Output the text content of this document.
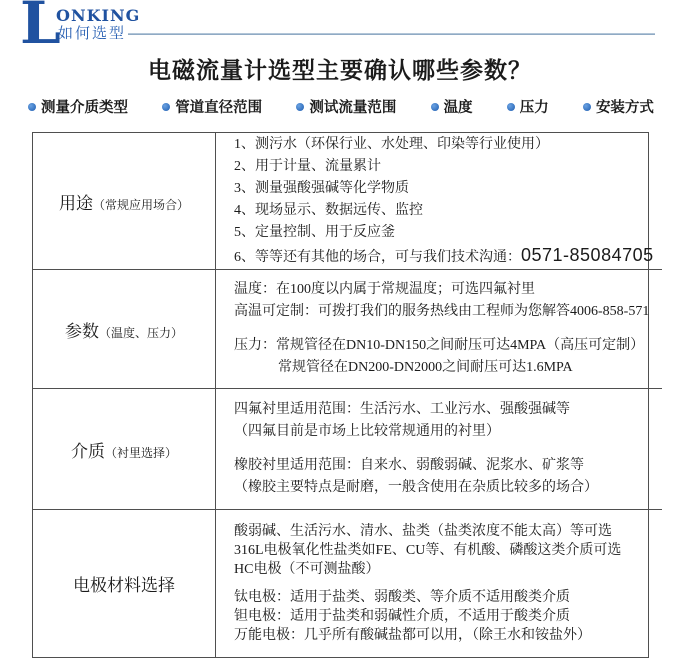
L
ONKING
如何选型
电磁流量计选型主要确认哪些参数？
测量介质类型	管道直径范围	测试流量范围	温度	压力	安装方式
用途（常规应用场合）
1、测污水（环保行业、水处理、印染等行业使用）
2、用于计量、流量累计
3、测量强酸强碱等化学物质
4、现场显示、数据远传、监控
5、定量控制、用于反应釜
6、等等还有其他的场合，可与我们技术沟通：0571-85084705
参数（温度、压力）
温度：在100度以内属于常规温度；可选四氟衬里
高温可定制：可拨打我们的服务热线由工程师为您解答4006-858-571
压力：常规管径在DN10-DN150之间耐压可达4MPA（高压可定制）
常规管径在DN200-DN2000之间耐压可达1.6MPA
介质（衬里选择）
四氟衬里适用范围：生活污水、工业污水、强酸强碱等
（四氟目前是市场上比较常规通用的衬里）
橡胶衬里适用范围：自来水、弱酸弱碱、泥浆水、矿浆等
（橡胶主要特点是耐磨，一般含使用在杂质比较多的场合）
电极材料选择
酸弱碱、生活污水、清水、盐类（盐类浓度不能太高）等可选
316L电极氧化性盐类如FE、CU等、有机酸、磷酸这类介质可选
HC电极（不可测盐酸）
钛电极：适用于盐类、弱酸类、等介质不适用酸类介质
钽电极：适用于盐类和弱碱性介质，不适用于酸类介质
万能电极：几乎所有酸碱盐都可以用，（除王水和铵盐外）
